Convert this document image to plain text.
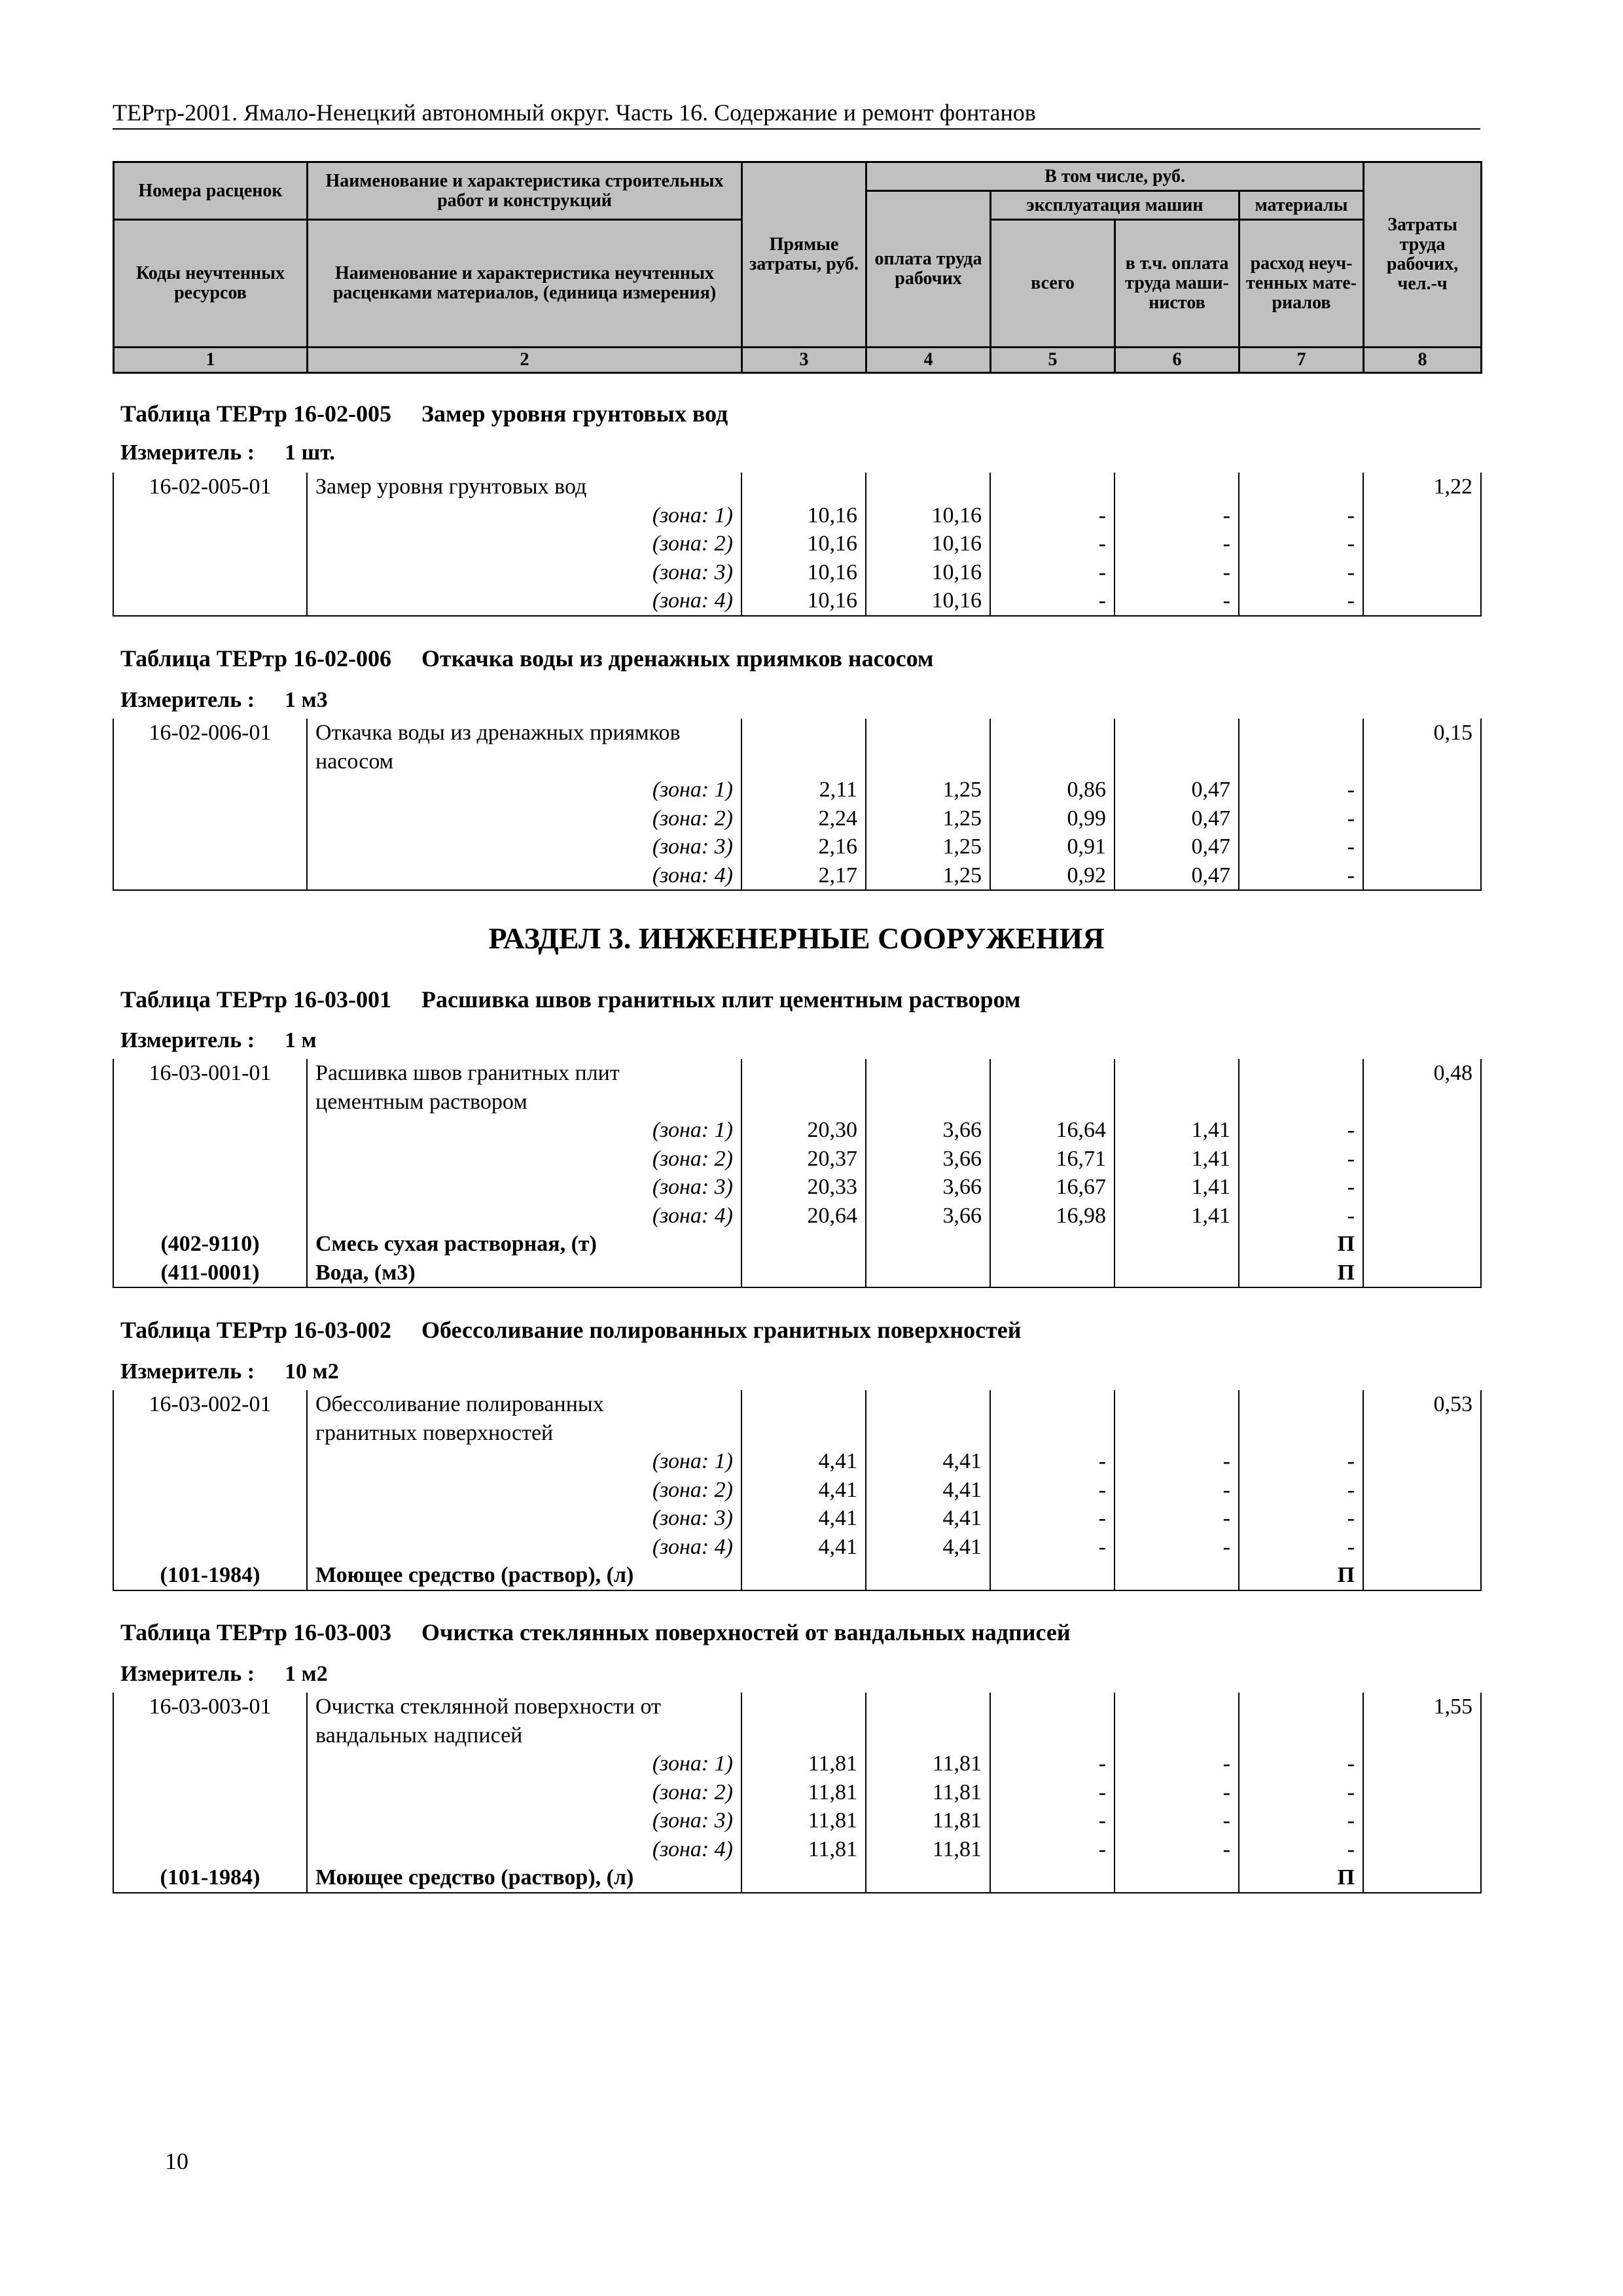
ТЕРтр-2001. Ямало-Ненецкий автономный округ. Часть 16. Содержание и ремонт фонтанов
Номера расценок	Наименование и характеристика строительных работ и конструкций	Прямые затраты, руб.	В том числе, руб.				Затраты труда рабочих, чел.-ч
			оплата труда рабочих	эксплуатация машин		материалы	
Коды неучтенных ресурсов	Наименование и характеристика неучтенных расценками материалов, (единица измерения)			всего	в т.ч. оплата труда маши-нистов	расход неуч-тенных мате-риалов	
1	2	3	4	5	6	7	8
Таблица ТЕРтр 16-02-005 Замер уровня грунтовых вод
Измеритель : 1 шт.
16-02-005-01	Замер уровня грунтовых вод						1,22
	(зона: 1)	10,16	10,16	-	-	-	
	(зона: 2)	10,16	10,16	-	-	-	
	(зона: 3)	10,16	10,16	-	-	-	
	(зона: 4)	10,16	10,16	-	-	-	
Таблица ТЕРтр 16-02-006 Откачка воды из дренажных приямков насосом
Измеритель : 1 м3
16-02-006-01	Откачка воды из дренажных приямков						0,15
	насосом						
	(зона: 1)	2,11	1,25	0,86	0,47	-	
	(зона: 2)	2,24	1,25	0,99	0,47	-	
	(зона: 3)	2,16	1,25	0,91	0,47	-	
	(зона: 4)	2,17	1,25	0,92	0,47	-	
РАЗДЕЛ 3. ИНЖЕНЕРНЫЕ СООРУЖЕНИЯ
Таблица ТЕРтр 16-03-001 Расшивка швов гранитных плит цементным раствором
Измеритель : 1 м
16-03-001-01	Расшивка швов гранитных плит						0,48
	цементным раствором						
	(зона: 1)	20,30	3,66	16,64	1,41	-	
	(зона: 2)	20,37	3,66	16,71	1,41	-	
	(зона: 3)	20,33	3,66	16,67	1,41	-	
	(зона: 4)	20,64	3,66	16,98	1,41	-	
(402-9110)	Смесь сухая растворная, (т)					П	
(411-0001)	Вода, (м3)					П	
Таблица ТЕРтр 16-03-002 Обессоливание полированных гранитных поверхностей
Измеритель : 10 м2
16-03-002-01	Обессоливание полированных						0,53
	гранитных поверхностей						
	(зона: 1)	4,41	4,41	-	-	-	
	(зона: 2)	4,41	4,41	-	-	-	
	(зона: 3)	4,41	4,41	-	-	-	
	(зона: 4)	4,41	4,41	-	-	-	
(101-1984)	Моющее средство (раствор), (л)					П	
Таблица ТЕРтр 16-03-003 Очистка стеклянных поверхностей от вандальных надписей
Измеритель : 1 м2
16-03-003-01	Очистка стеклянной поверхности от						1,55
	вандальных надписей						
	(зона: 1)	11,81	11,81	-	-	-	
	(зона: 2)	11,81	11,81	-	-	-	
	(зона: 3)	11,81	11,81	-	-	-	
	(зона: 4)	11,81	11,81	-	-	-	
(101-1984)	Моющее средство (раствор), (л)					П	
10
